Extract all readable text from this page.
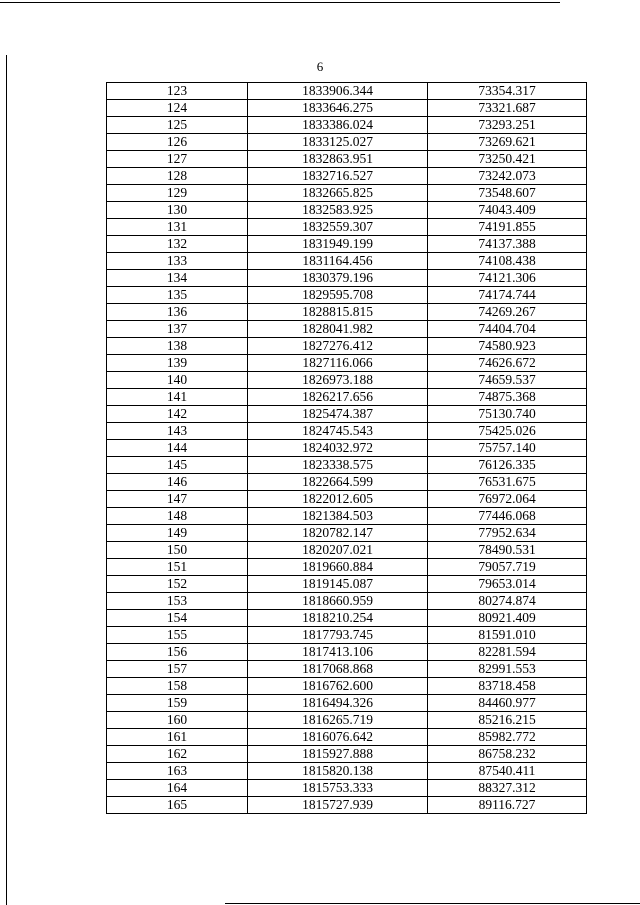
6
123	1833906.344	73354.317
124	1833646.275	73321.687
125	1833386.024	73293.251
126	1833125.027	73269.621
127	1832863.951	73250.421
128	1832716.527	73242.073
129	1832665.825	73548.607
130	1832583.925	74043.409
131	1832559.307	74191.855
132	1831949.199	74137.388
133	1831164.456	74108.438
134	1830379.196	74121.306
135	1829595.708	74174.744
136	1828815.815	74269.267
137	1828041.982	74404.704
138	1827276.412	74580.923
139	1827116.066	74626.672
140	1826973.188	74659.537
141	1826217.656	74875.368
142	1825474.387	75130.740
143	1824745.543	75425.026
144	1824032.972	75757.140
145	1823338.575	76126.335
146	1822664.599	76531.675
147	1822012.605	76972.064
148	1821384.503	77446.068
149	1820782.147	77952.634
150	1820207.021	78490.531
151	1819660.884	79057.719
152	1819145.087	79653.014
153	1818660.959	80274.874
154	1818210.254	80921.409
155	1817793.745	81591.010
156	1817413.106	82281.594
157	1817068.868	82991.553
158	1816762.600	83718.458
159	1816494.326	84460.977
160	1816265.719	85216.215
161	1816076.642	85982.772
162	1815927.888	86758.232
163	1815820.138	87540.411
164	1815753.333	88327.312
165	1815727.939	89116.727
